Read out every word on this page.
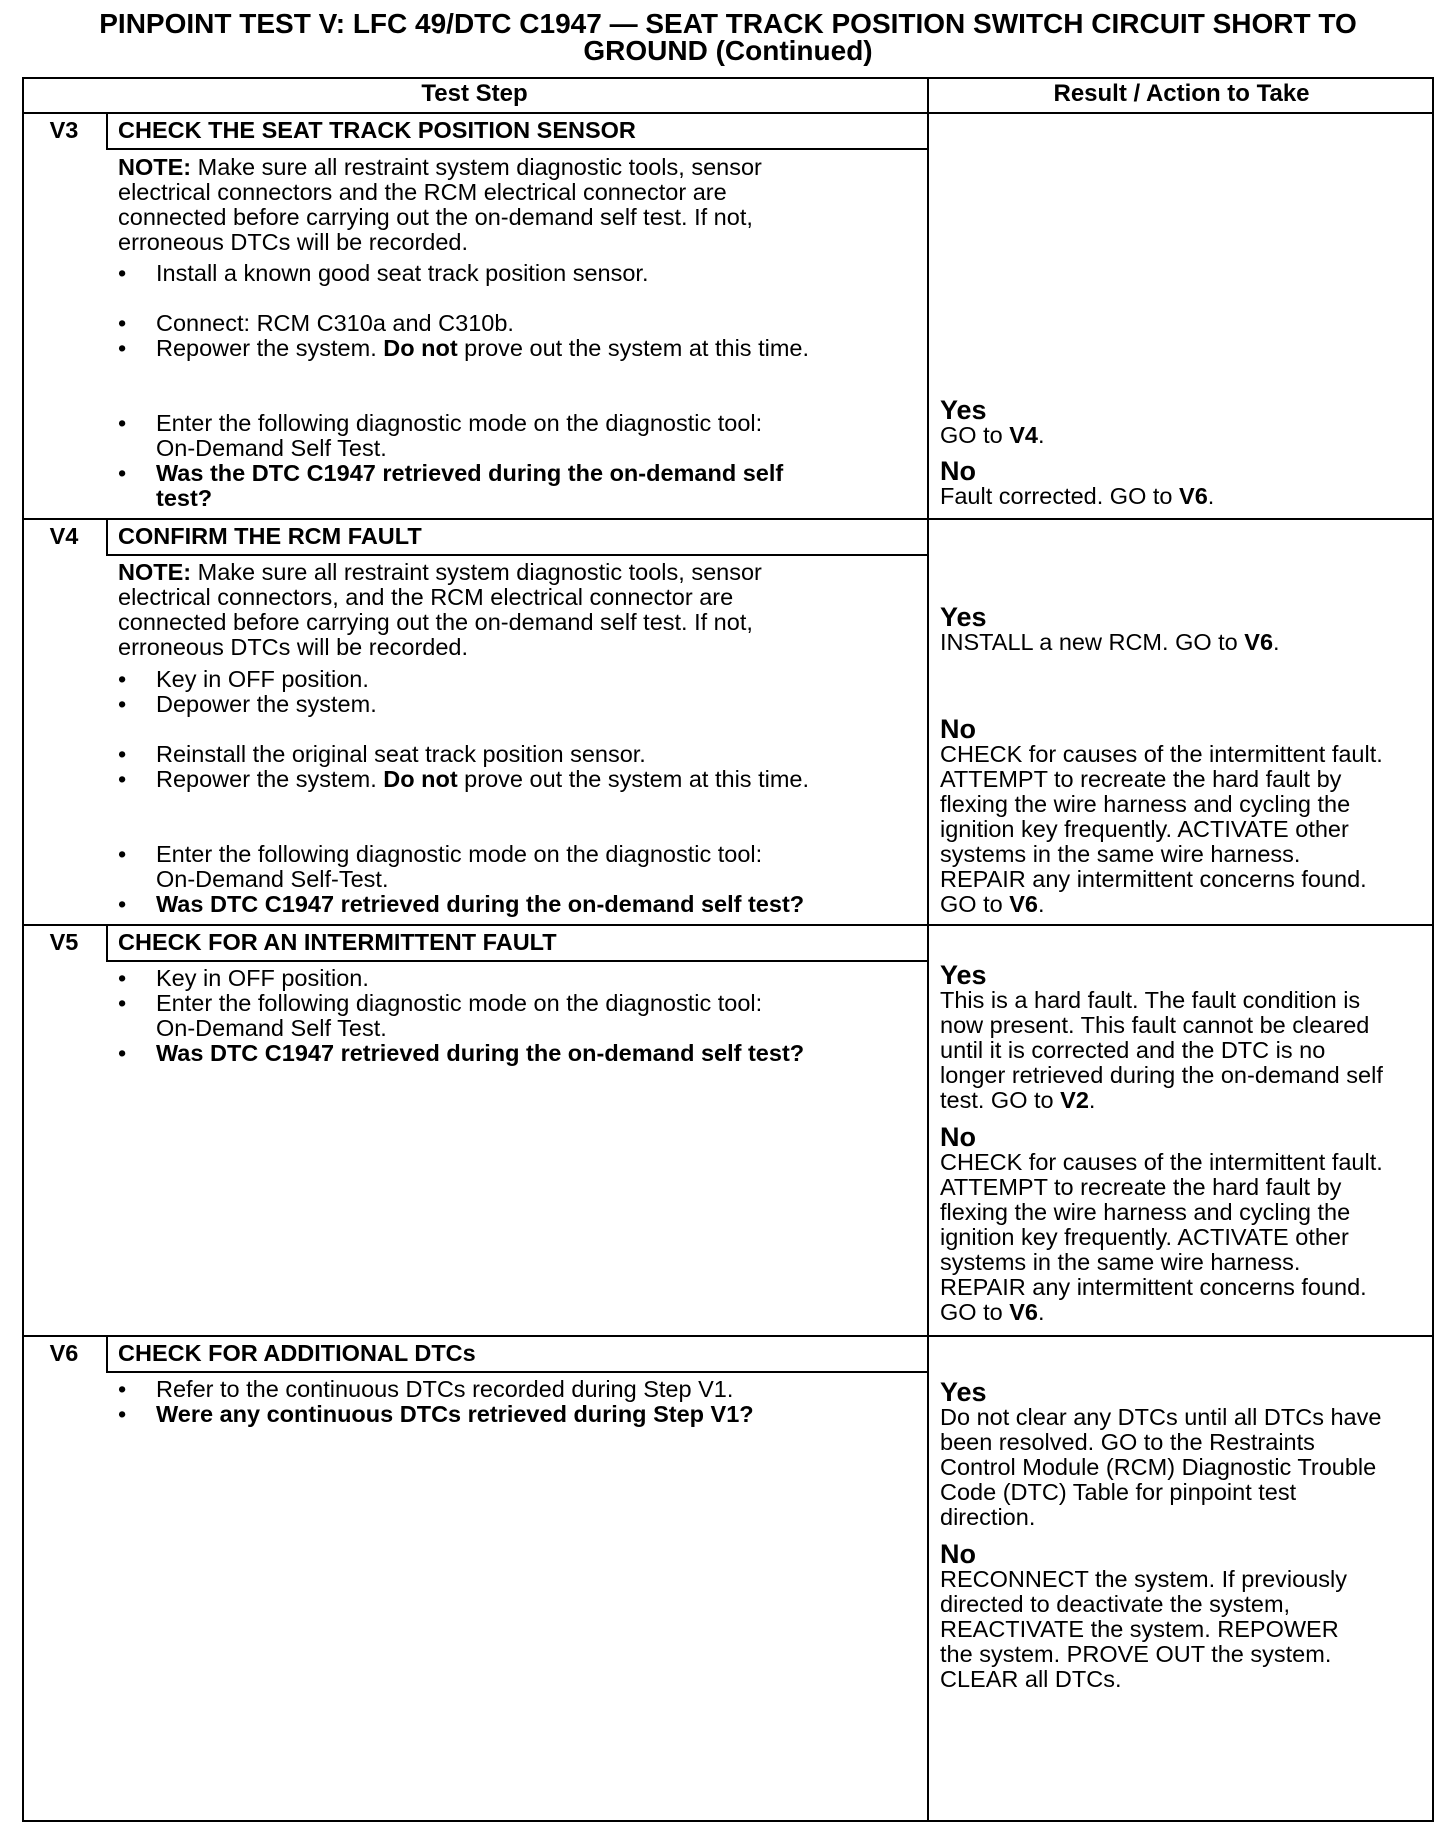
PINPOINT TEST V: LFC 49/DTC C1947 — SEAT TRACK POSITION SWITCH CIRCUIT SHORT TO
GROUND (Continued)
Test Step	Result / Action to Take
V3	CHECK THE SEAT TRACK POSITION SENSOR
NOTE: Make sure all restraint system diagnostic tools, sensor
electrical connectors and the RCM electrical connector are
connected before carrying out the on-demand self test. If not,
erroneous DTCs will be recorded.
• Install a known good seat track position sensor.
• Connect: RCM C310a and C310b.
• Repower the system. Do not prove out the system at this time.
• Enter the following diagnostic mode on the diagnostic tool:
On-Demand Self Test.
• Was the DTC C1947 retrieved during the on-demand self
test?
Yes
GO to V4.
No
Fault corrected. GO to V6.
V4	CONFIRM THE RCM FAULT
NOTE: Make sure all restraint system diagnostic tools, sensor
electrical connectors, and the RCM electrical connector are
connected before carrying out the on-demand self test. If not,
erroneous DTCs will be recorded.
• Key in OFF position.
• Depower the system.
• Reinstall the original seat track position sensor.
• Repower the system. Do not prove out the system at this time.
• Enter the following diagnostic mode on the diagnostic tool:
On-Demand Self-Test.
• Was DTC C1947 retrieved during the on-demand self test?
Yes
INSTALL a new RCM. GO to V6.
No
CHECK for causes of the intermittent fault.
ATTEMPT to recreate the hard fault by
flexing the wire harness and cycling the
ignition key frequently. ACTIVATE other
systems in the same wire harness.
REPAIR any intermittent concerns found.
GO to V6.
V5	CHECK FOR AN INTERMITTENT FAULT
• Key in OFF position.
• Enter the following diagnostic mode on the diagnostic tool:
On-Demand Self Test.
• Was DTC C1947 retrieved during the on-demand self test?
Yes
This is a hard fault. The fault condition is
now present. This fault cannot be cleared
until it is corrected and the DTC is no
longer retrieved during the on-demand self
test. GO to V2.
No
CHECK for causes of the intermittent fault.
ATTEMPT to recreate the hard fault by
flexing the wire harness and cycling the
ignition key frequently. ACTIVATE other
systems in the same wire harness.
REPAIR any intermittent concerns found.
GO to V6.
V6	CHECK FOR ADDITIONAL DTCs
• Refer to the continuous DTCs recorded during Step V1.
• Were any continuous DTCs retrieved during Step V1?
Yes
Do not clear any DTCs until all DTCs have
been resolved. GO to the Restraints
Control Module (RCM) Diagnostic Trouble
Code (DTC) Table for pinpoint test
direction.
No
RECONNECT the system. If previously
directed to deactivate the system,
REACTIVATE the system. REPOWER
the system. PROVE OUT the system.
CLEAR all DTCs.
